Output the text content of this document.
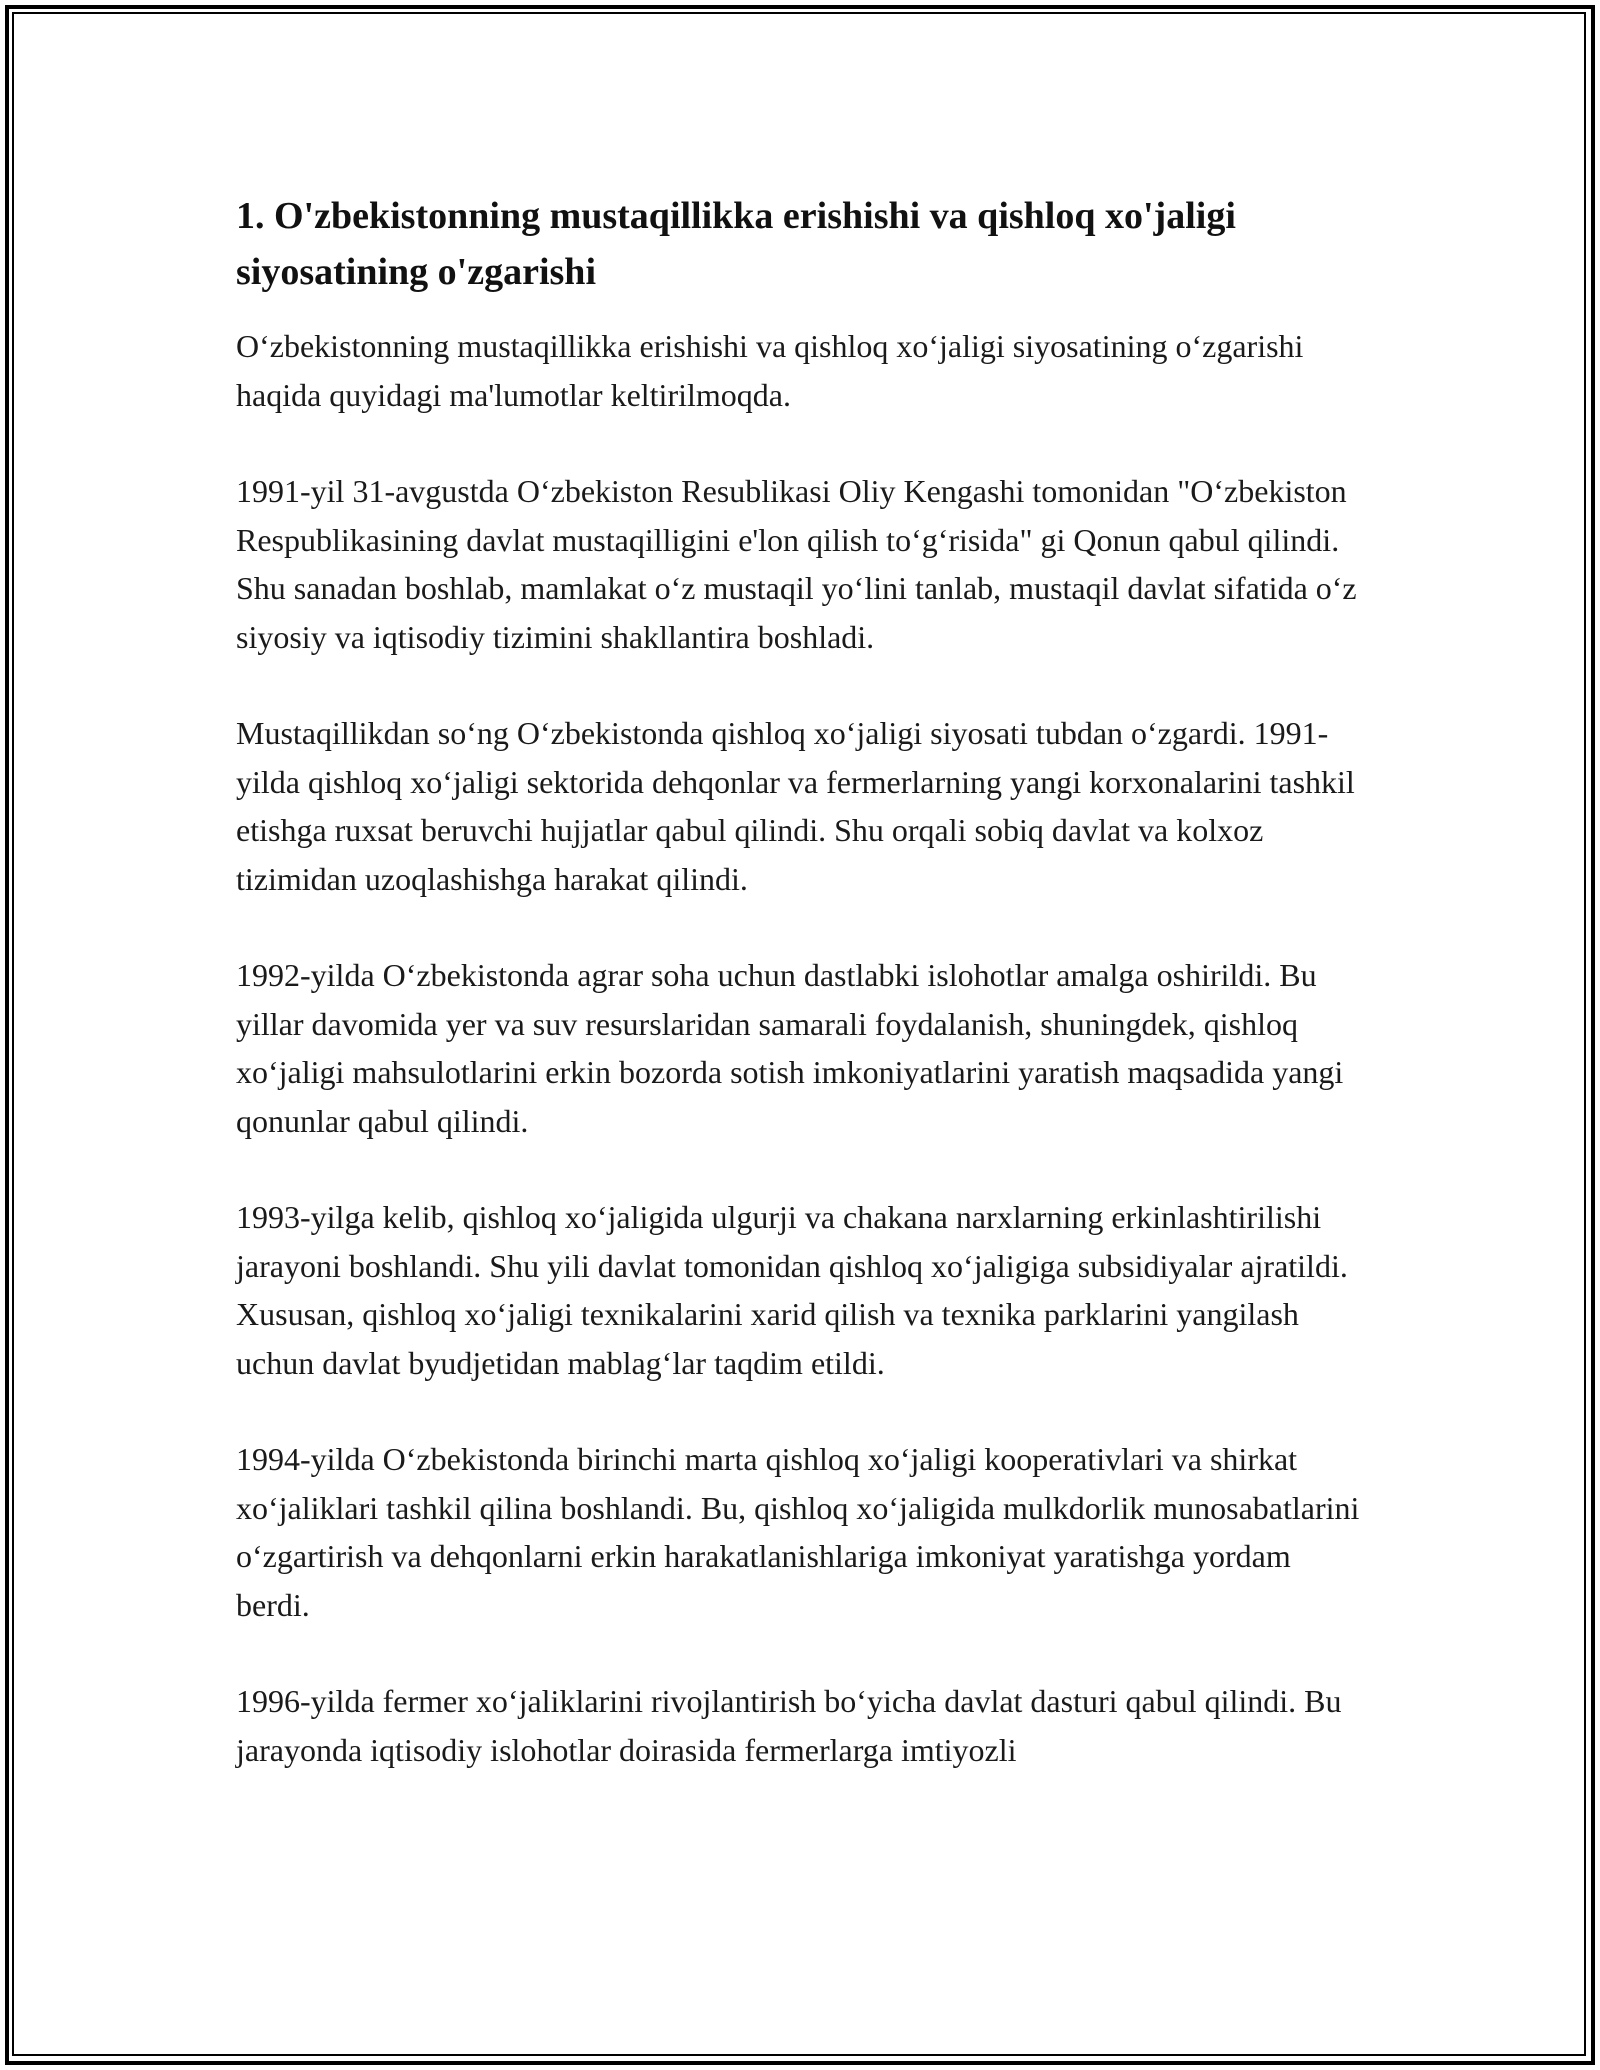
1. O'zbekistonning mustaqillikka erishishi va qishloq xo'jaligi siyosatining o'zgarishi

O‘zbekistonning mustaqillikka erishishi va qishloq xo‘jaligi siyosatining o‘zgarishi haqida quyidagi ma'lumotlar keltirilmoqda.

1991-yil 31-avgustda O‘zbekiston Resublikasi Oliy Kengashi tomonidan "O‘zbekiston Respublikasining davlat mustaqilligini e'lon qilish to‘g‘risida" gi Qonun qabul qilindi. Shu sanadan boshlab, mamlakat o‘z mustaqil yo‘lini tanlab, mustaqil davlat sifatida o‘z siyosiy va iqtisodiy tizimini shakllantira boshladi.

Mustaqillikdan so‘ng O‘zbekistonda qishloq xo‘jaligi siyosati tubdan o‘zgardi. 1991-yilda qishloq xo‘jaligi sektorida dehqonlar va fermerlarning yangi korxonalarini tashkil etishga ruxsat beruvchi hujjatlar qabul qilindi. Shu orqali sobiq davlat va kolxoz tizimidan uzoqlashishga harakat qilindi.

1992-yilda O‘zbekistonda agrar soha uchun dastlabki islohotlar amalga oshirildi. Bu yillar davomida yer va suv resurslaridan samarali foydalanish, shuningdek, qishloq xo‘jaligi mahsulotlarini erkin bozorda sotish imkoniyatlarini yaratish maqsadida yangi qonunlar qabul qilindi.

1993-yilga kelib, qishloq xo‘jaligida ulgurji va chakana narxlarning erkinlashtirilishi jarayoni boshlandi. Shu yili davlat tomonidan qishloq xo‘jaligiga subsidiyalar ajratildi. Xususan, qishloq xo‘jaligi texnikalarini xarid qilish va texnika parklarini yangilash uchun davlat byudjetidan mablag‘lar taqdim etildi.

1994-yilda O‘zbekistonda birinchi marta qishloq xo‘jaligi kooperativlari va shirkat xo‘jaliklari tashkil qilina boshlandi. Bu, qishloq xo‘jaligida mulkdorlik munosabatlarini o‘zgartirish va dehqonlarni erkin harakatlanishlariga imkoniyat yaratishga yordam berdi.

1996-yilda fermer xo‘jaliklarini rivojlantirish bo‘yicha davlat dasturi qabul qilindi. Bu jarayonda iqtisodiy islohotlar doirasida fermerlarga imtiyozli
